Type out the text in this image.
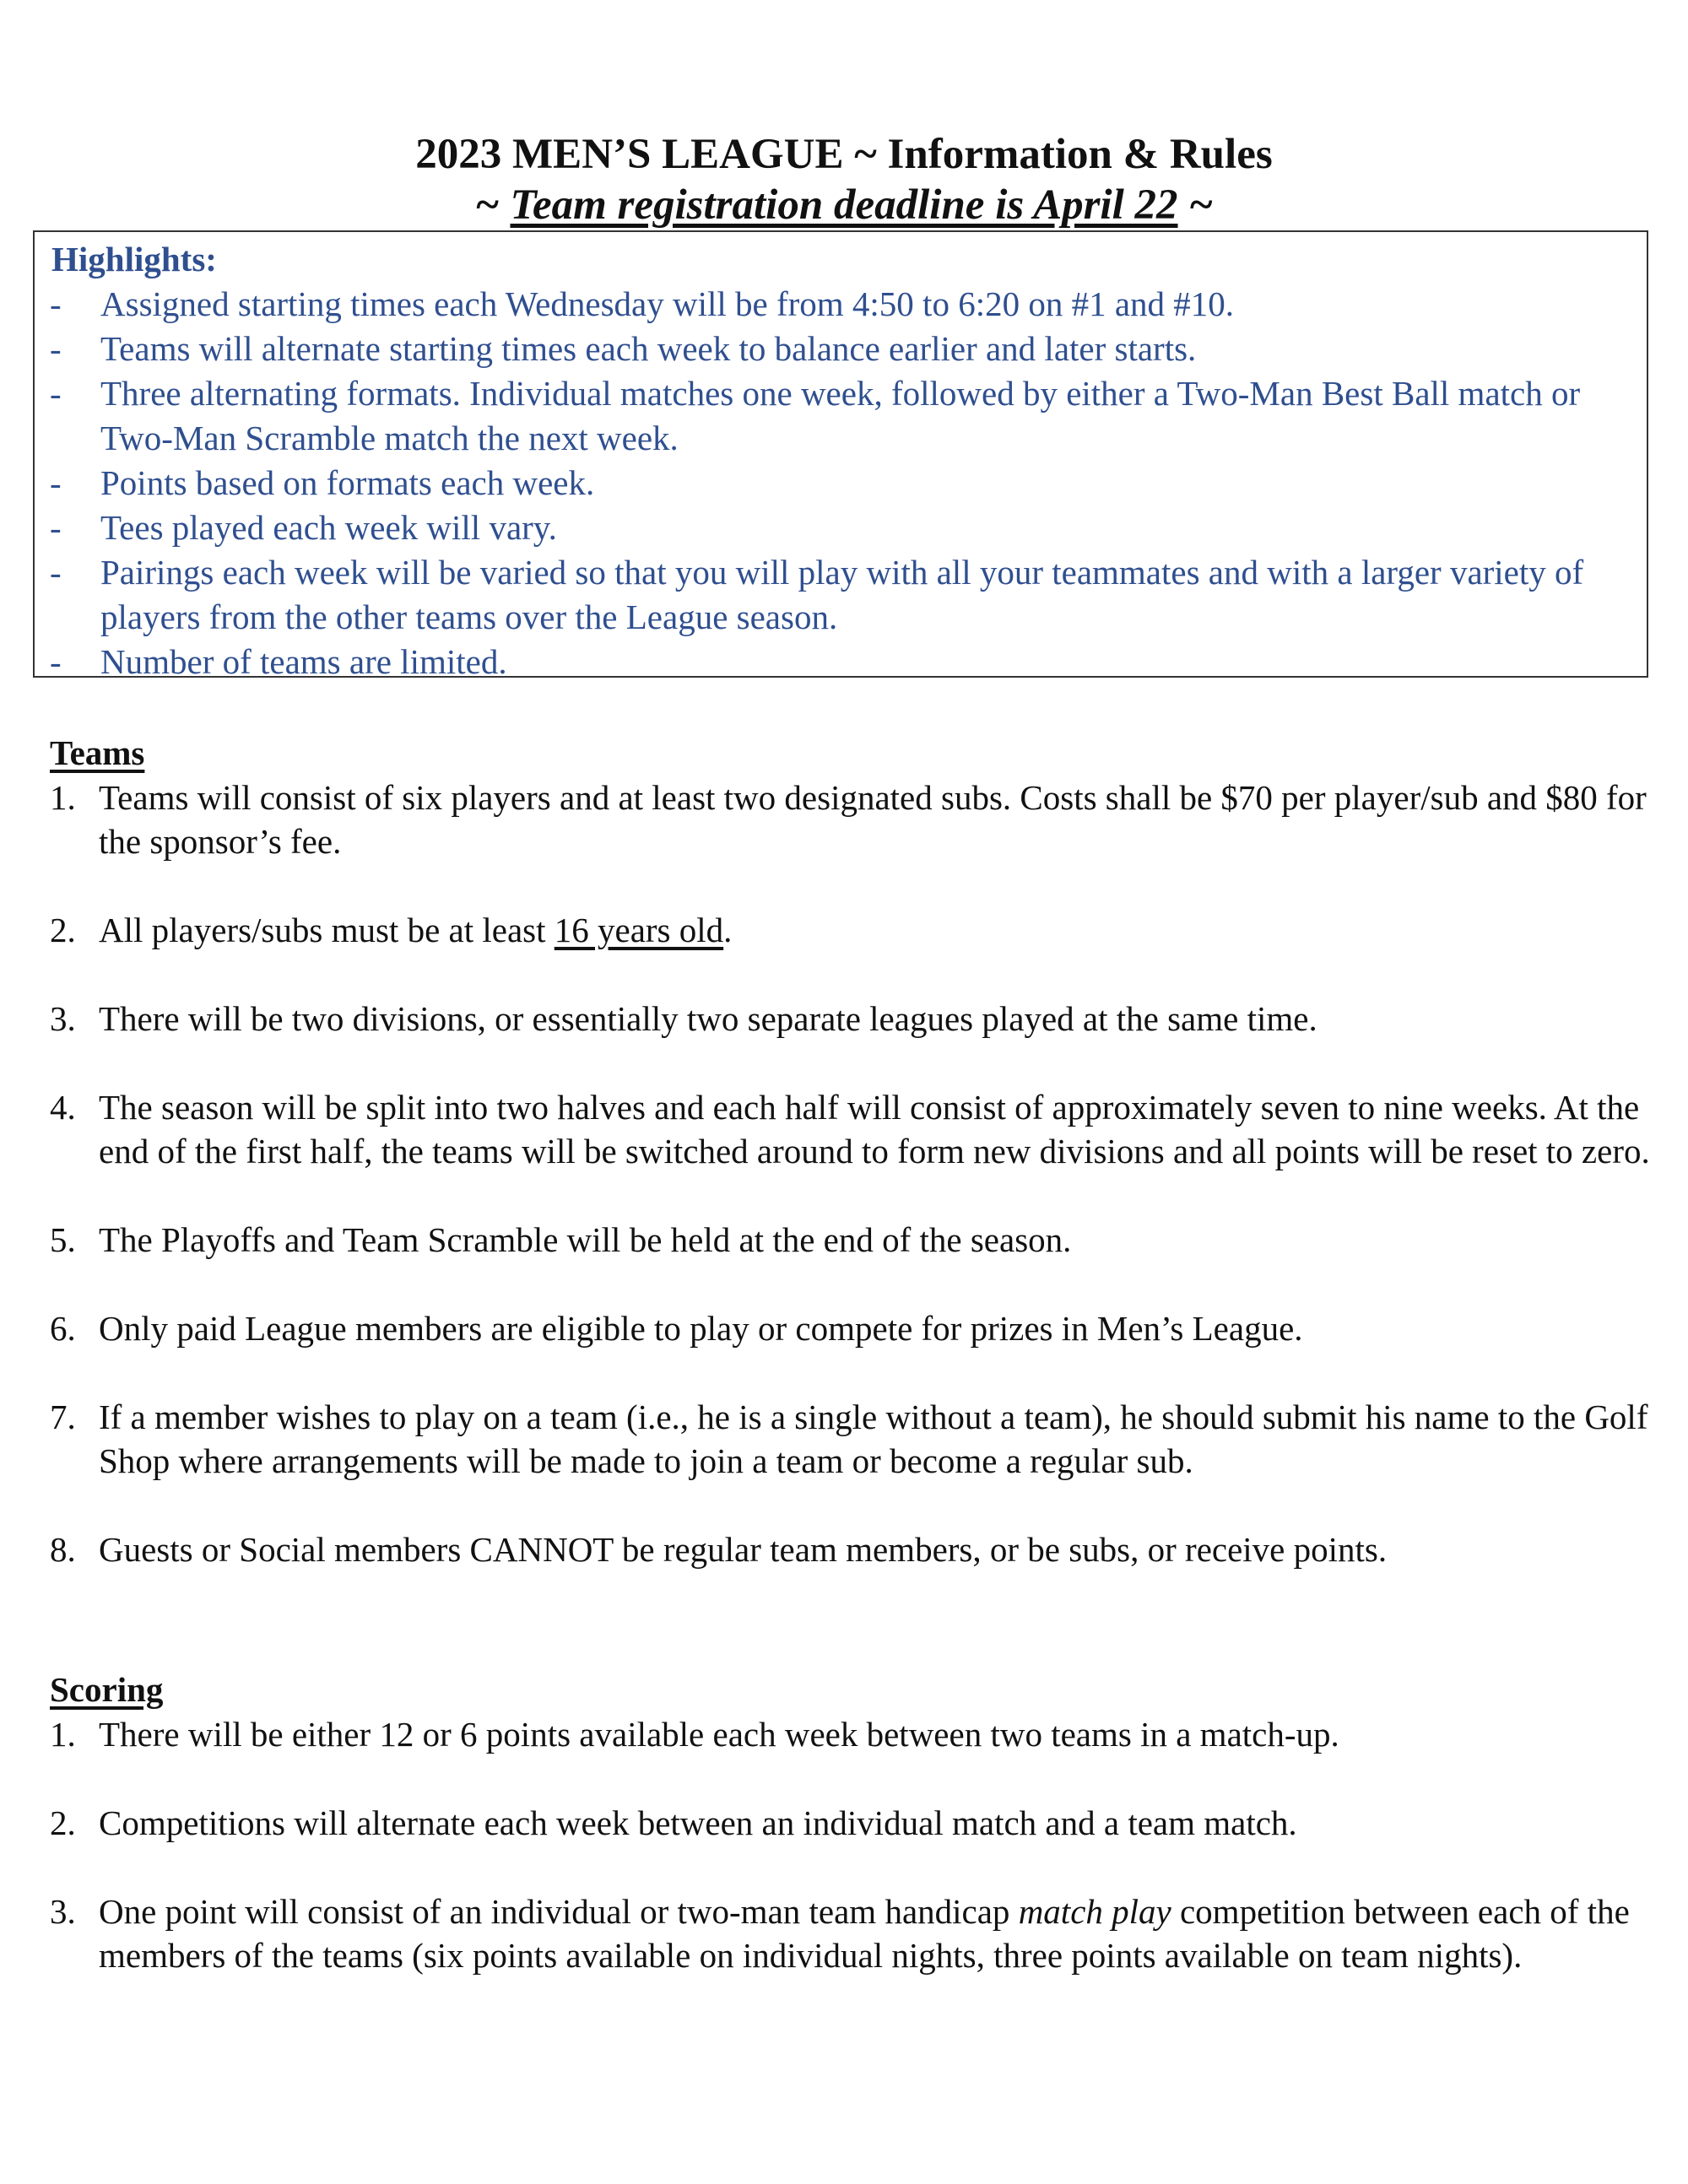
2023 MEN’S LEAGUE ~ Information & Rules
~ Team registration deadline is April 22 ~
Highlights:
- Assigned starting times each Wednesday will be from 4:50 to 6:20 on #1 and #10.
- Teams will alternate starting times each week to balance earlier and later starts.
- Three alternating formats. Individual matches one week, followed by either a Two-Man Best Ball match or Two-Man Scramble match the next week.
- Points based on formats each week.
- Tees played each week will vary.
- Pairings each week will be varied so that you will play with all your teammates and with a larger variety of players from the other teams over the League season.
- Number of teams are limited.
Teams
1. Teams will consist of six players and at least two designated subs. Costs shall be $70 per player/sub and $80 for the sponsor’s fee.
2. All players/subs must be at least 16 years old.
3. There will be two divisions, or essentially two separate leagues played at the same time.
4. The season will be split into two halves and each half will consist of approximately seven to nine weeks. At the end of the first half, the teams will be switched around to form new divisions and all points will be reset to zero.
5. The Playoffs and Team Scramble will be held at the end of the season.
6. Only paid League members are eligible to play or compete for prizes in Men’s League.
7. If a member wishes to play on a team (i.e., he is a single without a team), he should submit his name to the Golf Shop where arrangements will be made to join a team or become a regular sub.
8. Guests or Social members CANNOT be regular team members, or be subs, or receive points.
Scoring
1. There will be either 12 or 6 points available each week between two teams in a match-up.
2. Competitions will alternate each week between an individual match and a team match.
3. One point will consist of an individual or two-man team handicap match play competition between each of the members of the teams (six points available on individual nights, three points available on team nights).
